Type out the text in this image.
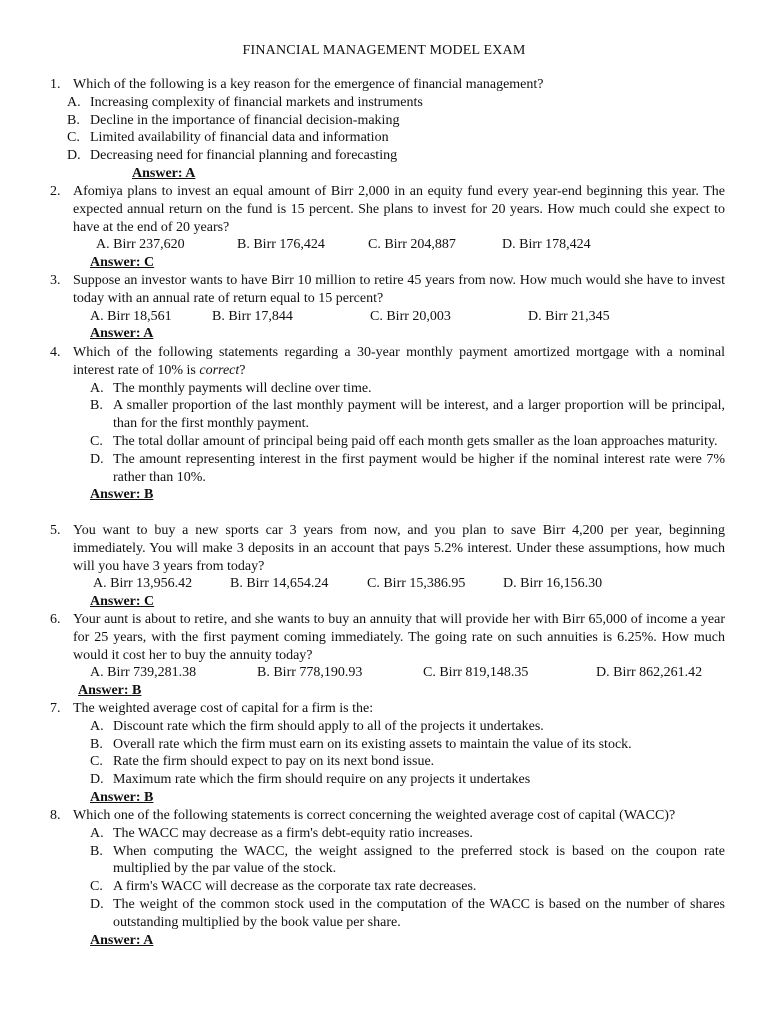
FINANCIAL MANAGEMENT MODEL EXAM
1. Which of the following is a key reason for the emergence of financial management?
A. Increasing complexity of financial markets and instruments
B. Decline in the importance of financial decision-making
C. Limited availability of financial data and information
D. Decreasing need for financial planning and forecasting
Answer: A
2. Afomiya plans to invest an equal amount of Birr 2,000 in an equity fund every year-end beginning this year. The expected annual return on the fund is 15 percent. She plans to invest for 20 years. How much could she expect to have at the end of 20 years?
A. Birr 237,620	B. Birr 176,424	C. Birr 204,887	D. Birr 178,424
Answer: C
3. Suppose an investor wants to have Birr 10 million to retire 45 years from now. How much would she have to invest today with an annual rate of return equal to 15 percent?
A. Birr 18,561	B. Birr 17,844	C. Birr 20,003	D. Birr 21,345
Answer: A
4. Which of the following statements regarding a 30-year monthly payment amortized mortgage with a nominal interest rate of 10% is correct?
A. The monthly payments will decline over time.
B. A smaller proportion of the last monthly payment will be interest, and a larger proportion will be principal, than for the first monthly payment.
C. The total dollar amount of principal being paid off each month gets smaller as the loan approaches maturity.
D. The amount representing interest in the first payment would be higher if the nominal interest rate were 7% rather than 10%.
Answer: B
5. You want to buy a new sports car 3 years from now, and you plan to save Birr 4,200 per year, beginning immediately. You will make 3 deposits in an account that pays 5.2% interest. Under these assumptions, how much will you have 3 years from today?
A. Birr 13,956.42	B. Birr 14,654.24	C. Birr 15,386.95	D. Birr 16,156.30
Answer: C
6. Your aunt is about to retire, and she wants to buy an annuity that will provide her with Birr 65,000 of income a year for 25 years, with the first payment coming immediately. The going rate on such annuities is 6.25%. How much would it cost her to buy the annuity today?
A. Birr 739,281.38	B. Birr 778,190.93	C. Birr 819,148.35	D. Birr 862,261.42
Answer: B
7. The weighted average cost of capital for a firm is the:
A. Discount rate which the firm should apply to all of the projects it undertakes.
B. Overall rate which the firm must earn on its existing assets to maintain the value of its stock.
C. Rate the firm should expect to pay on its next bond issue.
D. Maximum rate which the firm should require on any projects it undertakes
Answer: B
8. Which one of the following statements is correct concerning the weighted average cost of capital (WACC)?
A. The WACC may decrease as a firm's debt-equity ratio increases.
B. When computing the WACC, the weight assigned to the preferred stock is based on the coupon rate multiplied by the par value of the stock.
C. A firm's WACC will decrease as the corporate tax rate decreases.
D. The weight of the common stock used in the computation of the WACC is based on the number of shares outstanding multiplied by the book value per share.
Answer: A
